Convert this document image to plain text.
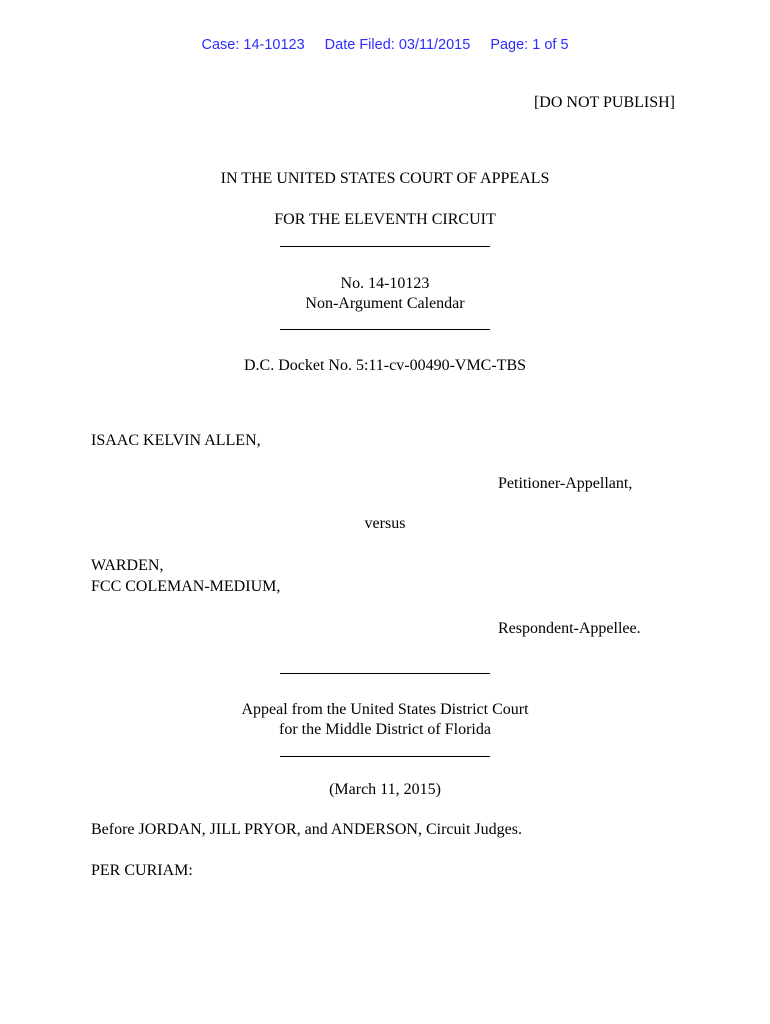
Case: 14-10123 Date Filed: 03/11/2015 Page: 1 of 5
[DO NOT PUBLISH]
IN THE UNITED STATES COURT OF APPEALS
FOR THE ELEVENTH CIRCUIT
No. 14-10123
Non-Argument Calendar
D.C. Docket No. 5:11-cv-00490-VMC-TBS
ISAAC KELVIN ALLEN,
Petitioner-Appellant,
versus
WARDEN,
FCC COLEMAN-MEDIUM,
Respondent-Appellee.
Appeal from the United States District Court
for the Middle District of Florida
(March 11, 2015)
Before JORDAN, JILL PRYOR, and ANDERSON, Circuit Judges.
PER CURIAM:
